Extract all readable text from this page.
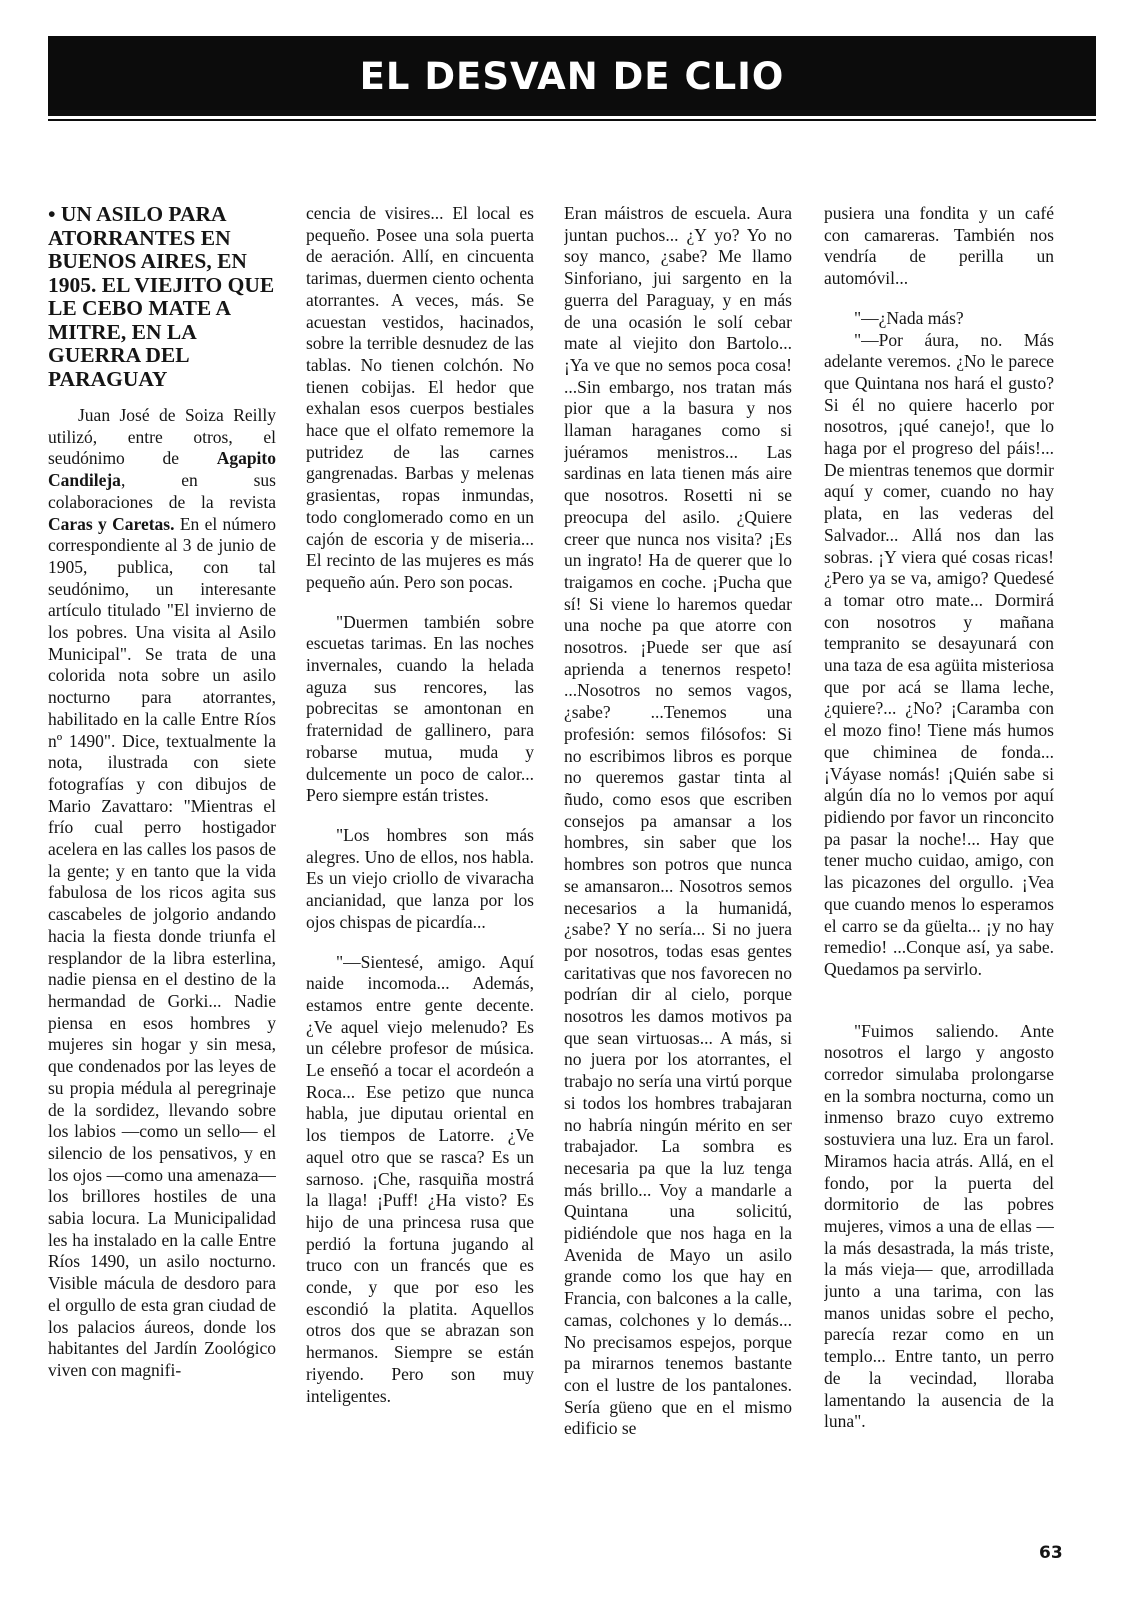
EL DESVAN DE CLIO
• UN ASILO PARA ATORRANTES EN BUENOS AIRES, EN 1905. EL VIEJITO QUE LE CEBO MATE A MITRE, EN LA GUERRA DEL PARAGUAY

Juan José de Soiza Reilly utilizó, entre otros, el seudónimo de Agapito Candileja, en sus colaboraciones de la revista Caras y Caretas. En el número correspondiente al 3 de junio de 1905, publica, con tal seudónimo, un interesante artículo titulado "El invierno de los pobres. Una visita al Asilo Municipal". Se trata de una colorida nota sobre un asilo nocturno para atorrantes, habilitado en la calle Entre Ríos nº 1490". Dice, textualmente la nota, ilustrada con siete fotografías y con dibujos de Mario Zavattaro: "Mientras el frío cual perro hostigador acelera en las calles los pasos de la gente; y en tanto que la vida fabulosa de los ricos agita sus cascabeles de jolgorio andando hacia la fiesta donde triunfa el resplandor de la libra esterlina, nadie piensa en el destino de la hermandad de Gorki... Nadie piensa en esos hombres y mujeres sin hogar y sin mesa, que condenados por las leyes de su propia médula al peregrinaje de la sordidez, llevando sobre los labios —como un sello— el silencio de los pensativos, y en los ojos —como una amenaza— los brillores hostiles de una sabia locura. La Municipalidad les ha instalado en la calle Entre Ríos 1490, un asilo nocturno. Visible mácula de desdoro para el orgullo de esta gran ciudad de los palacios áureos, donde los habitantes del Jardín Zoológico viven con magnifi-

cencia de visires... El local es pequeño. Posee una sola puerta de aeración. Allí, en cincuenta tarimas, duermen ciento ochenta atorrantes. A veces, más. Se acuestan vestidos, hacinados, sobre la terrible desnudez de las tablas. No tienen colchón. No tienen cobijas. El hedor que exhalan esos cuerpos bestiales hace que el olfato rememore la putridez de las carnes gangrenadas. Barbas y melenas grasientas, ropas inmundas, todo conglomerado como en un cajón de escoria y de miseria... El recinto de las mujeres es más pequeño aún. Pero son pocas.

"Duermen también sobre escuetas tarimas. En las noches invernales, cuando la helada aguza sus rencores, las pobrecitas se amontonan en fraternidad de gallinero, para robarse mutua, muda y dulcemente un poco de calor... Pero siempre están tristes.

"Los hombres son más alegres. Uno de ellos, nos habla. Es un viejo criollo de vivaracha ancianidad, que lanza por los ojos chispas de picardía...

"—Sientesé, amigo. Aquí naide incomoda... Además, estamos entre gente decente. ¿Ve aquel viejo melenudo? Es un célebre profesor de música. Le enseñó a tocar el acordeón a Roca... Ese petizo que nunca habla, jue diputau oriental en los tiempos de Latorre. ¿Ve aquel otro que se rasca? Es un sarnoso. ¡Che, rasquiña mostrá la llaga! ¡Puff! ¿Ha visto? Es hijo de una princesa rusa que perdió la fortuna jugando al truco con un francés que es conde, y que por eso les escondió la platita. Aquellos otros dos que se abrazan son hermanos. Siempre se están riyendo. Pero son muy inteligentes.

Eran máistros de escuela. Aura juntan puchos... ¿Y yo? Yo no soy manco, ¿sabe? Me llamo Sinforiano, jui sargento en la guerra del Paraguay, y en más de una ocasión le solí cebar mate al viejito don Bartolo... ¡Ya ve que no semos poca cosa! ...Sin embargo, nos tratan más pior que a la basura y nos llaman haraganes como si juéramos menistros... Las sardinas en lata tienen más aire que nosotros. Rosetti ni se preocupa del asilo. ¿Quiere creer que nunca nos visita? ¡Es un ingrato! Ha de querer que lo traigamos en coche. ¡Pucha que sí! Si viene lo haremos quedar una noche pa que atorre con nosotros. ¡Puede ser que así aprienda a tenernos respeto! ...Nosotros no semos vagos, ¿sabe? ...Tenemos una profesión: semos filósofos: Si no escribimos libros es porque no queremos gastar tinta al ñudo, como esos que escriben consejos pa amansar a los hombres, sin saber que los hombres son potros que nunca se amansaron... Nosotros semos necesarios a la humanidá, ¿sabe? Y no sería... Si no juera por nosotros, todas esas gentes caritativas que nos favorecen no podrían dir al cielo, porque nosotros les damos motivos pa que sean virtuosas... A más, si no juera por los atorrantes, el trabajo no sería una virtú porque si todos los hombres trabajaran no habría ningún mérito en ser trabajador. La sombra es necesaria pa que la luz tenga más brillo... Voy a mandarle a Quintana una solicitú, pidiéndole que nos haga en la Avenida de Mayo un asilo grande como los que hay en Francia, con balcones a la calle, camas, colchones y lo demás... No precisamos espejos, porque pa mirarnos tenemos bastante con el lustre de los pantalones. Sería güeno que en el mismo edificio se

pusiera una fondita y un café con camareras. También nos vendría de perilla un automóvil...

"—¿Nada más?

"—Por áura, no. Más adelante veremos. ¿No le parece que Quintana nos hará el gusto? Si él no quiere hacerlo por nosotros, ¡qué canejo!, que lo haga por el progreso del páis!... De mientras tenemos que dormir aquí y comer, cuando no hay plata, en las vederas del Salvador... Allá nos dan las sobras. ¡Y viera qué cosas ricas! ¿Pero ya se va, amigo? Quedesé a tomar otro mate... Dormirá con nosotros y mañana tempranito se desayunará con una taza de esa agüita misteriosa que por acá se llama leche, ¿quiere?... ¿No? ¡Caramba con el mozo fino! Tiene más humos que chiminea de fonda... ¡Váyase nomás! ¡Quién sabe si algún día no lo vemos por aquí pidiendo por favor un rinconcito pa pasar la noche!... Hay que tener mucho cuidao, amigo, con las picazones del orgullo. ¡Vea que cuando menos lo esperamos el carro se da güelta... ¡y no hay remedio! ...Conque así, ya sabe. Quedamos pa servirlo.

"Fuimos saliendo. Ante nosotros el largo y angosto corredor simulaba prolongarse en la sombra nocturna, como un inmenso brazo cuyo extremo sostuviera una luz. Era un farol. Miramos hacia atrás. Allá, en el fondo, por la puerta del dormitorio de las pobres mujeres, vimos a una de ellas —la más desastrada, la más triste, la más vieja— que, arrodillada junto a una tarima, con las manos unidas sobre el pecho, parecía rezar como en un templo... Entre tanto, un perro de la vecindad, lloraba lamentando la ausencia de la luna".

63
